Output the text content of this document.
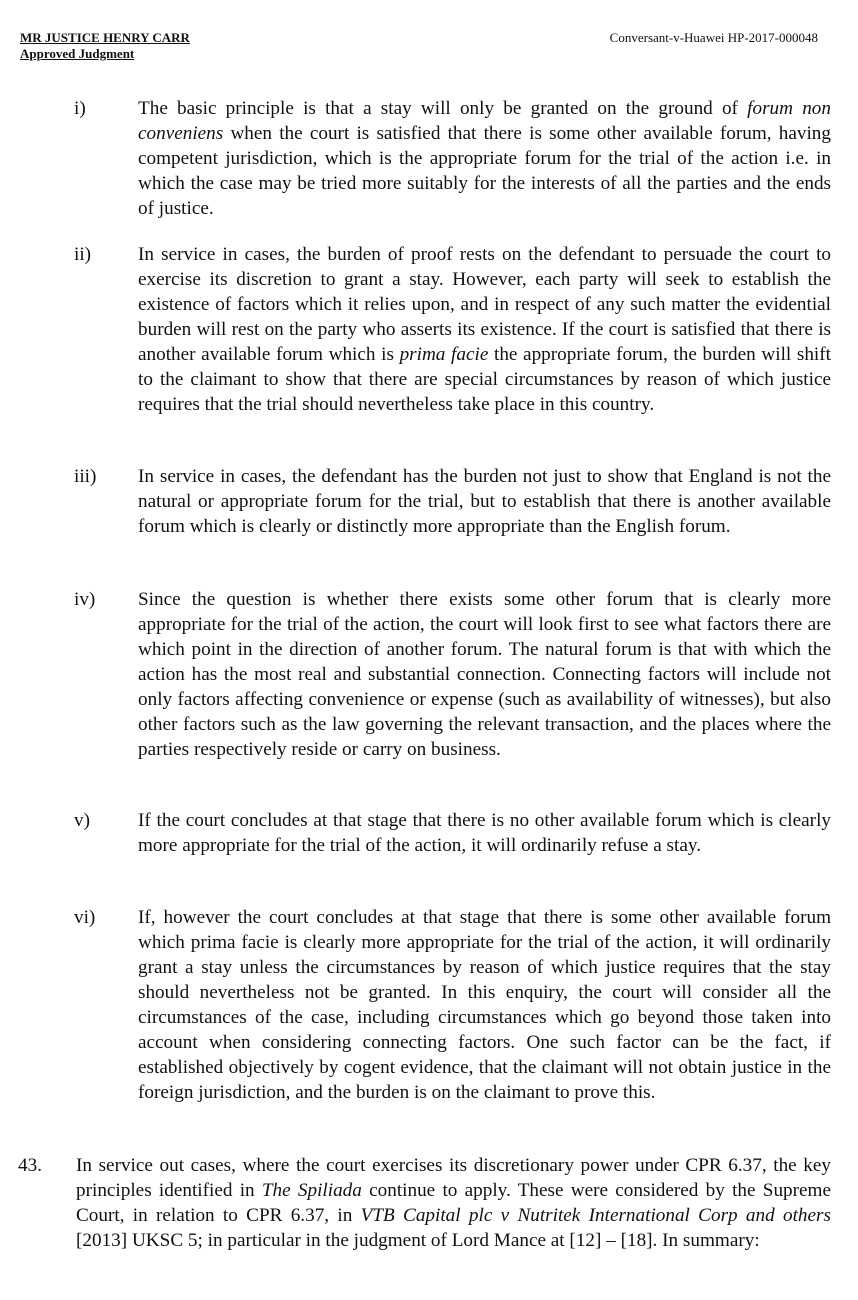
MR JUSTICE HENRY CARR
Approved Judgment
Conversant-v-Huawei HP-2017-000048
i)	The basic principle is that a stay will only be granted on the ground of forum non conveniens when the court is satisfied that there is some other available forum, having competent jurisdiction, which is the appropriate forum for the trial of the action i.e. in which the case may be tried more suitably for the interests of all the parties and the ends of justice.
ii) In service in cases, the burden of proof rests on the defendant to persuade the court to exercise its discretion to grant a stay. However, each party will seek to establish the existence of factors which it relies upon, and in respect of any such matter the evidential burden will rest on the party who asserts its existence. If the court is satisfied that there is another available forum which is prima facie the appropriate forum, the burden will shift to the claimant to show that there are special circumstances by reason of which justice requires that the trial should nevertheless take place in this country.
iii) In service in cases, the defendant has the burden not just to show that England is not the natural or appropriate forum for the trial, but to establish that there is another available forum which is clearly or distinctly more appropriate than the English forum.
iv) Since the question is whether there exists some other forum that is clearly more appropriate for the trial of the action, the court will look first to see what factors there are which point in the direction of another forum. The natural forum is that with which the action has the most real and substantial connection. Connecting factors will include not only factors affecting convenience or expense (such as availability of witnesses), but also other factors such as the law governing the relevant transaction, and the places where the parties respectively reside or carry on business.
v)	If the court concludes at that stage that there is no other available forum which is clearly more appropriate for the trial of the action, it will ordinarily refuse a stay.
vi) If, however the court concludes at that stage that there is some other available forum which prima facie is clearly more appropriate for the trial of the action, it will ordinarily grant a stay unless the circumstances by reason of which justice requires that the stay should nevertheless not be granted. In this enquiry, the court will consider all the circumstances of the case, including circumstances which go beyond those taken into account when considering connecting factors. One such factor can be the fact, if established objectively by cogent evidence, that the claimant will not obtain justice in the foreign jurisdiction, and the burden is on the claimant to prove this.
43. In service out cases, where the court exercises its discretionary power under CPR 6.37, the key principles identified in The Spiliada continue to apply. These were considered by the Supreme Court, in relation to CPR 6.37, in VTB Capital plc v Nutritek International Corp and others [2013] UKSC 5; in particular in the judgment of Lord Mance at [12] – [18]. In summary:
